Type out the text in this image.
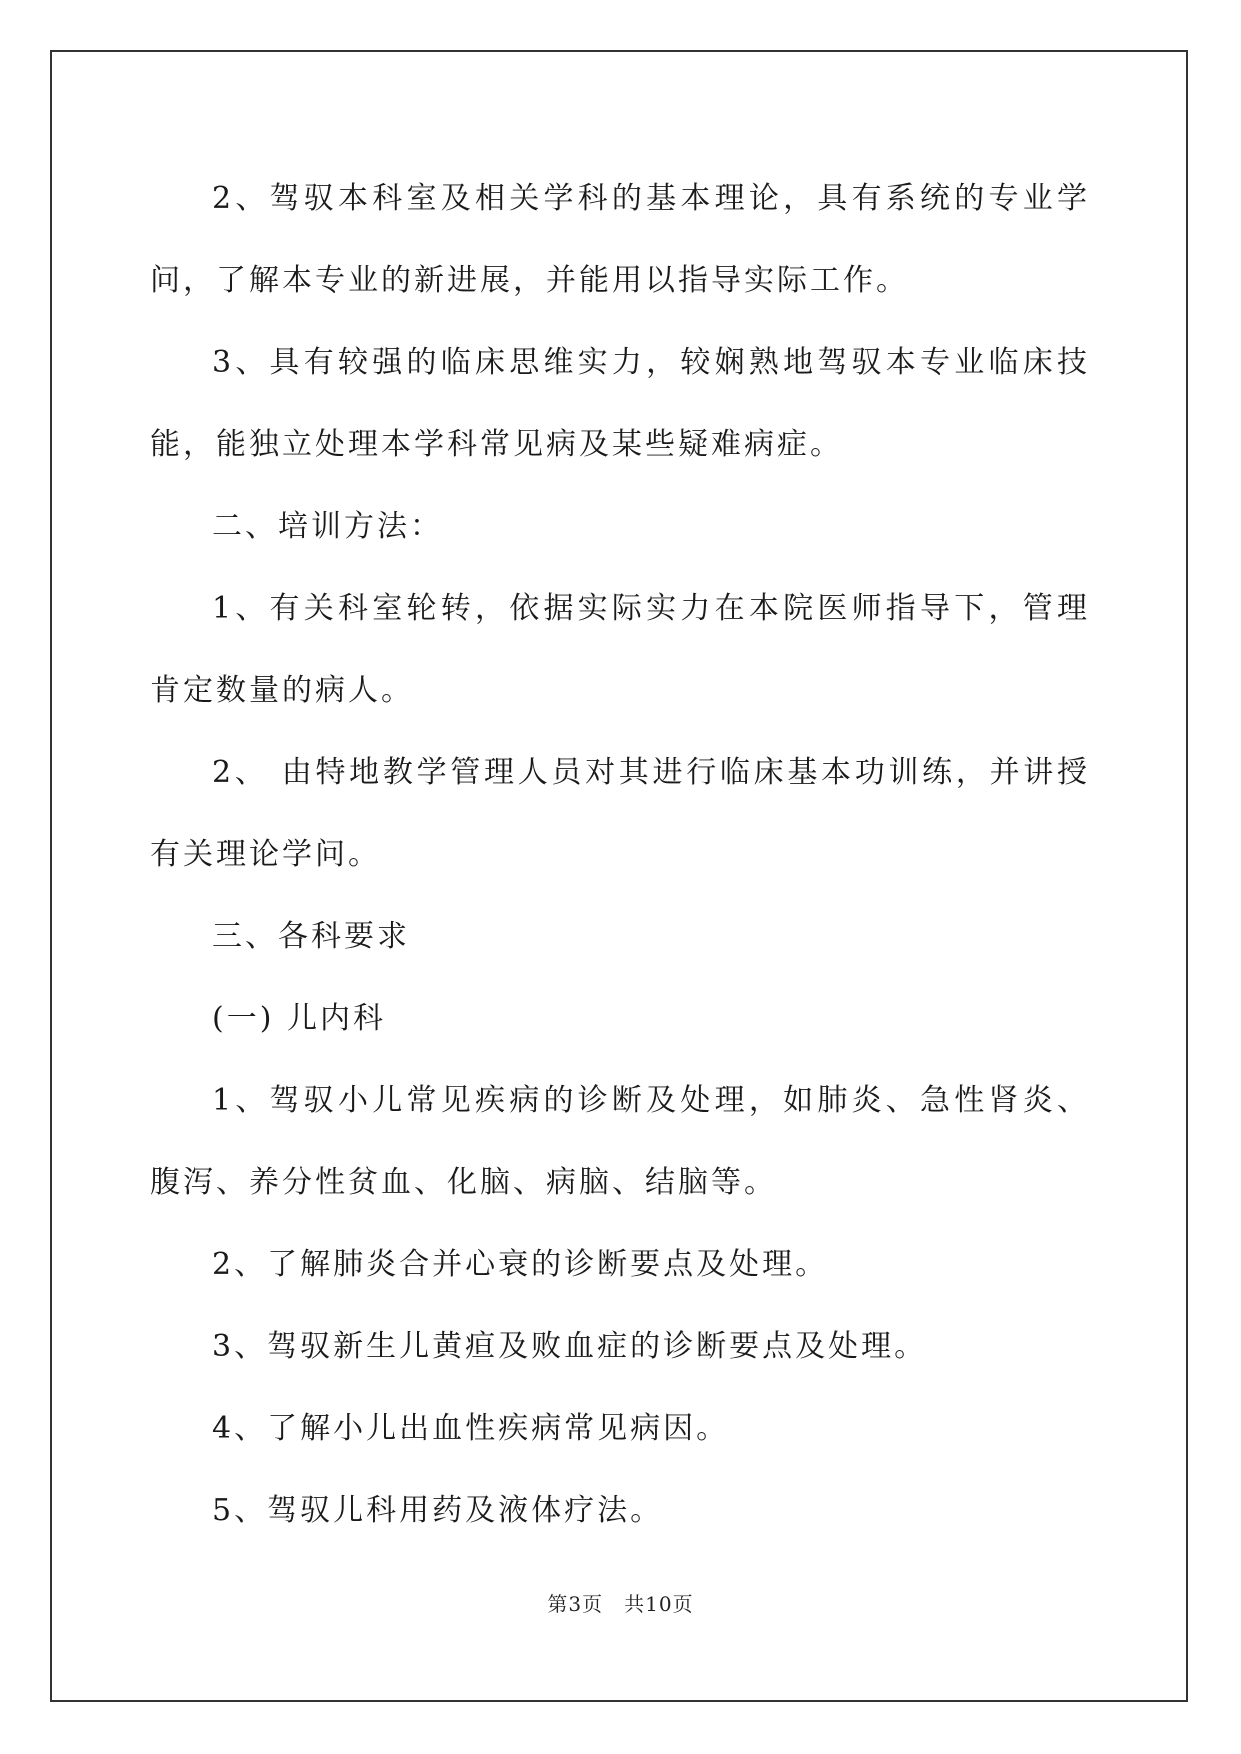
2、驾驭本科室及相关学科的基本理论，具有系统的专业学问，了解本专业的新进展，并能用以指导实际工作。

3、具有较强的临床思维实力，较娴熟地驾驭本专业临床技能，能独立处理本学科常见病及某些疑难病症。

二、培训方法：

1、有关科室轮转，依据实际实力在本院医师指导下，管理肯定数量的病人。

2、 由特地教学管理人员对其进行临床基本功训练，并讲授有关理论学问。

三、各科要求

(一) 儿内科

1、驾驭小儿常见疾病的诊断及处理，如肺炎、急性肾炎、腹泻、养分性贫血、化脑、病脑、结脑等。

2、了解肺炎合并心衰的诊断要点及处理。

3、驾驭新生儿黄疸及败血症的诊断要点及处理。

4、了解小儿出血性疾病常见病因。

5、驾驭儿科用药及液体疗法。

第3页　共10页
